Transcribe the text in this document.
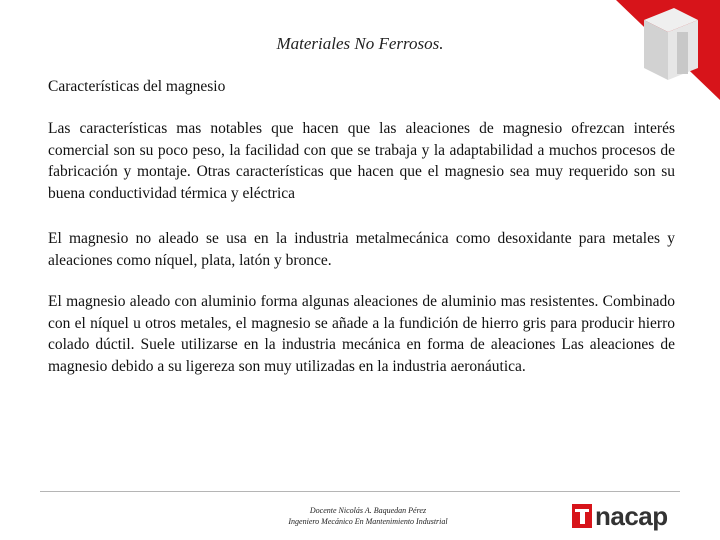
Materiales No Ferrosos.
Características del magnesio

Las características mas notables que hacen que las aleaciones de magnesio ofrezcan interés comercial son su poco peso, la facilidad con que se trabaja y la adaptabilidad a muchos procesos de fabricación y montaje. Otras características que hacen que el magnesio sea muy requerido son su buena conductividad térmica y eléctrica

El magnesio no aleado se usa en la industria metalmecánica como desoxidante para metales y aleaciones como níquel, plata, latón y bronce.

El magnesio aleado con aluminio forma algunas aleaciones de aluminio mas resistentes. Combinado con el níquel u otros metales, el magnesio se añade a la fundición de hierro gris para producir hierro colado dúctil. Suele utilizarse en la industria mecánica en forma de aleaciones Las aleaciones de magnesio debido a su ligereza son muy utilizadas en la industria aeronáutica.

Docente Nicolás A. Baquedan Pérez
Ingeniero Mecánico En Mantenimiento Industrial	nacap
